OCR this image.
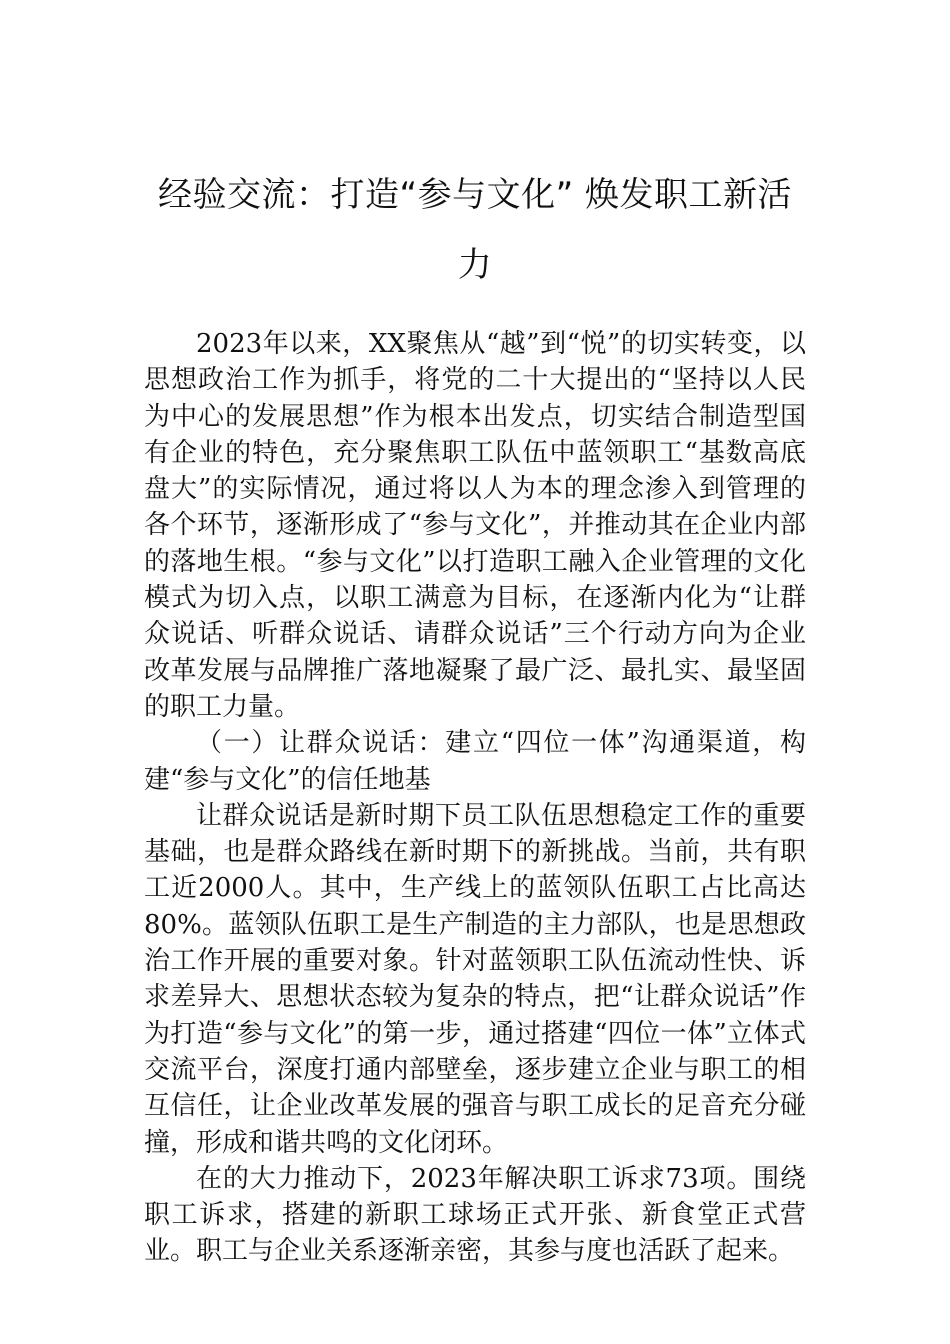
经验交流：打造“参与文化” 焕发职工新活力

2023年以来，XX聚焦从“越”到“悦”的切实转变，以思想政治工作为抓手，将党的二十大提出的“坚持以人民为中心的发展思想”作为根本出发点，切实结合制造型国有企业的特色，充分聚焦职工队伍中蓝领职工“基数高底盘大”的实际情况，通过将以人为本的理念渗入到管理的各个环节，逐渐形成了“参与文化”，并推动其在企业内部的落地生根。“参与文化”以打造职工融入企业管理的文化模式为切入点，以职工满意为目标，在逐渐内化为“让群众说话、听群众说话、请群众说话”三个行动方向为企业改革发展与品牌推广落地凝聚了最广泛、最扎实、最坚固的职工力量。

（一）让群众说话：建立“四位一体”沟通渠道，构建“参与文化”的信任地基

让群众说话是新时期下员工队伍思想稳定工作的重要基础，也是群众路线在新时期下的新挑战。当前，共有职工近2000人。其中，生产线上的蓝领队伍职工占比高达80%。蓝领队伍职工是生产制造的主力部队，也是思想政治工作开展的重要对象。针对蓝领职工队伍流动性快、诉求差异大、思想状态较为复杂的特点，把“让群众说话”作为打造“参与文化”的第一步，通过搭建“四位一体”立体式交流平台，深度打通内部壁垒，逐步建立企业与职工的相互信任，让企业改革发展的强音与职工成长的足音充分碰撞，形成和谐共鸣的文化闭环。

在的大力推动下，2023年解决职工诉求73项。围绕职工诉求，搭建的新职工球场正式开张、新食堂正式营业。职工与企业关系逐渐亲密，其参与度也活跃了起来。
